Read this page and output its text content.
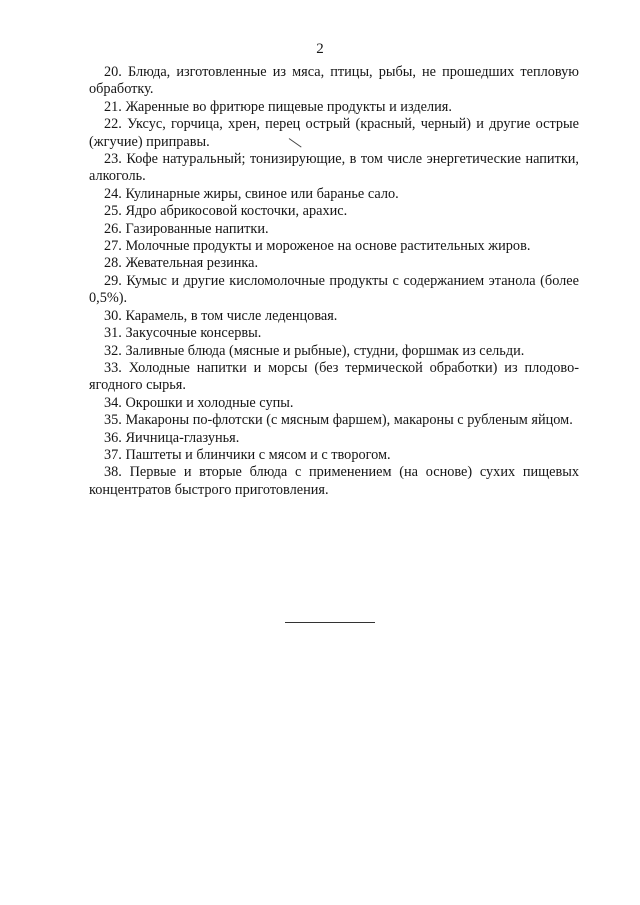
2

20. Блюда, изготовленные из мяса, птицы, рыбы, не прошедших тепловую обработку.

21. Жаренные во фритюре пищевые продукты и изделия.

22. Уксус, горчица, хрен, перец острый (красный, черный) и другие острые (жгучие) приправы.

23. Кофе натуральный; тонизирующие, в том числе энергетические напитки, алкоголь.

24. Кулинарные жиры, свиное или баранье сало.

25. Ядро абрикосовой косточки, арахис.

26. Газированные напитки.

27. Молочные продукты и мороженое на основе растительных жиров.

28. Жевательная резинка.

29. Кумыс и другие кисломолочные продукты с содержанием этанола (более 0,5%).

30. Карамель, в том числе леденцовая.

31. Закусочные консервы.

32. Заливные блюда (мясные и рыбные), студни, форшмак из сельди.

33. Холодные напитки и морсы (без термической обработки) из плодово-ягодного сырья.

34. Окрошки и холодные супы.

35. Макароны по-флотски (с мясным фаршем), макароны с рубленым яйцом.

36. Яичница-глазунья.

37. Паштеты и блинчики с мясом и с творогом.

38. Первые и вторые блюда с применением (на основе) сухих пищевых концентратов быстрого приготовления.
